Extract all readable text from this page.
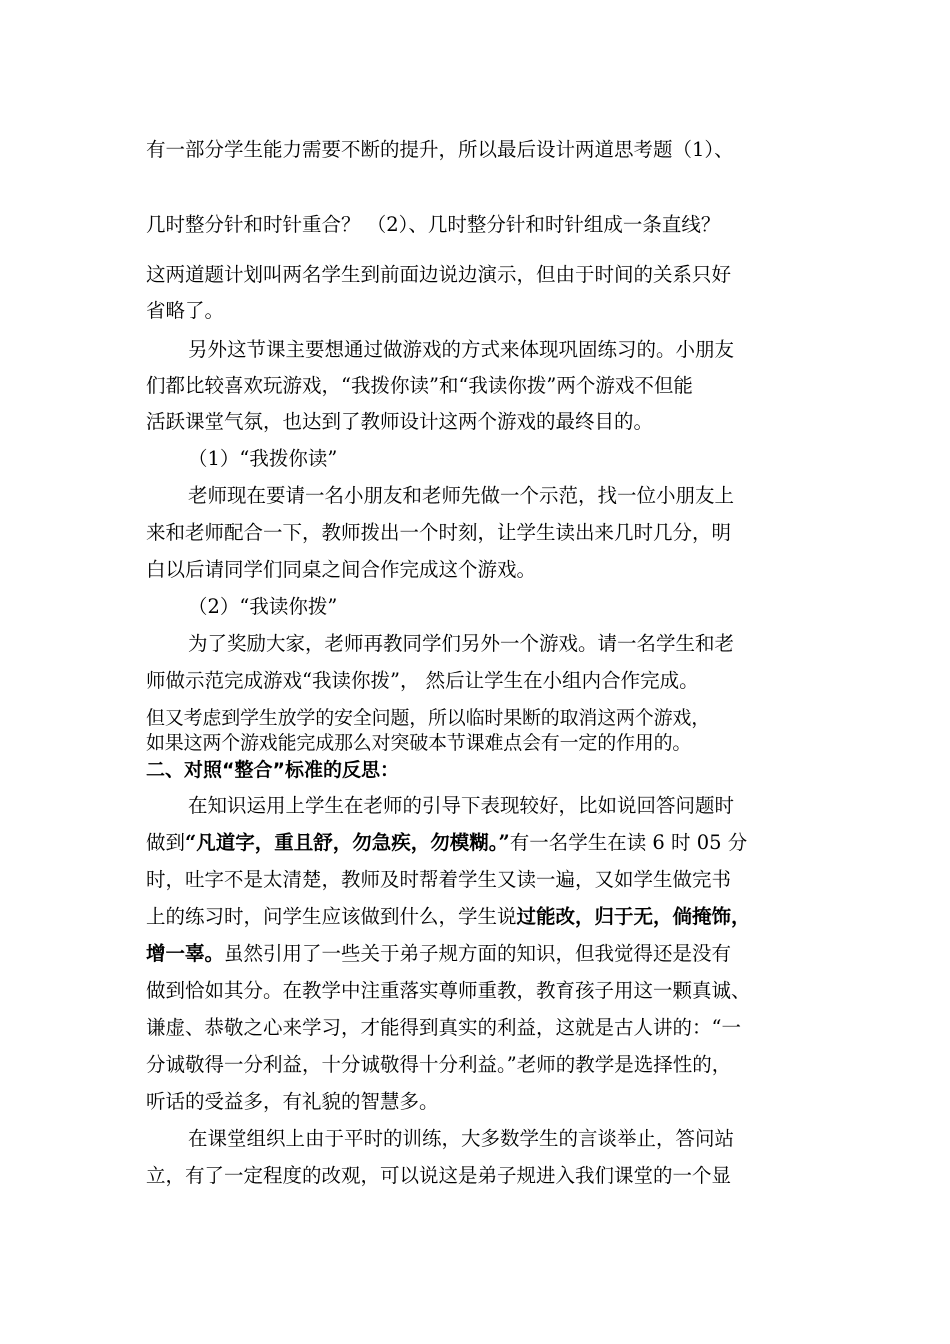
有一部分学生能力需要不断的提升，所以最后设计两道思考题（1）、
几时整分针和时针重合？ （2）、几时整分针和时针组成一条直线？
这两道题计划叫两名学生到前面边说边演示，但由于时间的关系只好
省略了。
另外这节课主要想通过做游戏的方式来体现巩固练习的。小朋友
们都比较喜欢玩游戏，“我拨你读”和“我读你拨”两个游戏不但能
活跃课堂气氛，也达到了教师设计这两个游戏的最终目的。
（1）“我拨你读”
老师现在要请一名小朋友和老师先做一个示范，找一位小朋友上
来和老师配合一下，教师拨出一个时刻，让学生读出来几时几分，明
白以后请同学们同桌之间合作完成这个游戏。
（2）“我读你拨”
为了奖励大家，老师再教同学们另外一个游戏。请一名学生和老
师做示范完成游戏“我读你拨”， 然后让学生在小组内合作完成。
但又考虑到学生放学的安全问题，所以临时果断的取消这两个游戏，
如果这两个游戏能完成那么对突破本节课难点会有一定的作用的。
二、对照“整合”标准的反思：
在知识运用上学生在老师的引导下表现较好，比如说回答问题时
做到“凡道字，重且舒，勿急疾，勿模糊。”有一名学生在读 6 时 05 分
时，吐字不是太清楚，教师及时帮着学生又读一遍，又如学生做完书
上的练习时，问学生应该做到什么，学生说过能改，归于无，倘掩饰，
增一辜。虽然引用了一些关于弟子规方面的知识，但我觉得还是没有
做到恰如其分。在教学中注重落实尊师重教，教育孩子用这一颗真诚、
谦虚、恭敬之心来学习，才能得到真实的利益，这就是古人讲的：“一
分诚敬得一分利益，十分诚敬得十分利益。”老师的教学是选择性的，
听话的受益多，有礼貌的智慧多。
在课堂组织上由于平时的训练，大多数学生的言谈举止，答问站
立，有了一定程度的改观，可以说这是弟子规进入我们课堂的一个显
